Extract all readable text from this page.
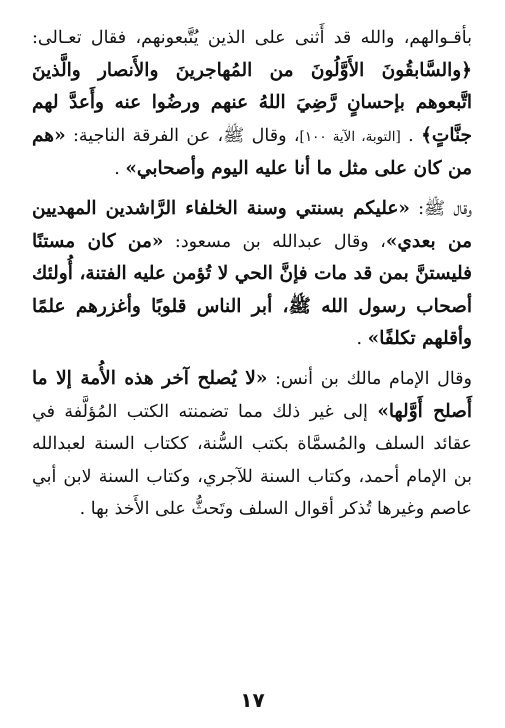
بأقـوالهم، والله قد أَثنى على الذين يُتَّبعونهم، فقال تعـالى: ﴿والسَّابقُونَ الأَوَّلُونَ من المُهاجرينَ والأَنصار والَّذينَ اتَّبعوهم بإحسانٍ رَّضِيَ اللهُ عنهم ورضُوا عنه وأَعدَّ لهم جنَّاتٍ﴾ . [التوبة، الآية ١٠٠]، وقال ﷺ، عن الفرقة الناجية: «هم من كان على مثل ما أنا عليه اليوم وأصحابي» .

وقال ﷺ: «عليكم بسنتي وسنة الخلفاء الرَّاشدين المهديين من بعدي»، وقال عبدالله بن مسعود: «من كان مستنًا فليستنَّ بمن قد مات فإنَّ الحي لا تُؤمن عليه الفتنة، أُولئك أصحاب رسول الله ﷺ، أبر الناس قلوبًا وأغزرهم علمًا وأقلهم تكلفًا» .

وقال الإمام مالك بن أنس: «لا يُصلح آخر هذه الأُمة إلا ما أَصلح أَوَّلها» إلى غير ذلك مما تضمنته الكتب المُؤلَّفة في عقائد السلف والمُسمَّاة بكتب السُّنة، ككتاب السنة لعبدالله بن الإمام أحمد، وكتاب السنة للآجري، وكتاب السنة لابن أبي عاصم وغيرها تُذكر أقوال السلف وتَحثُّ على الأَخذ بها .

١٧
